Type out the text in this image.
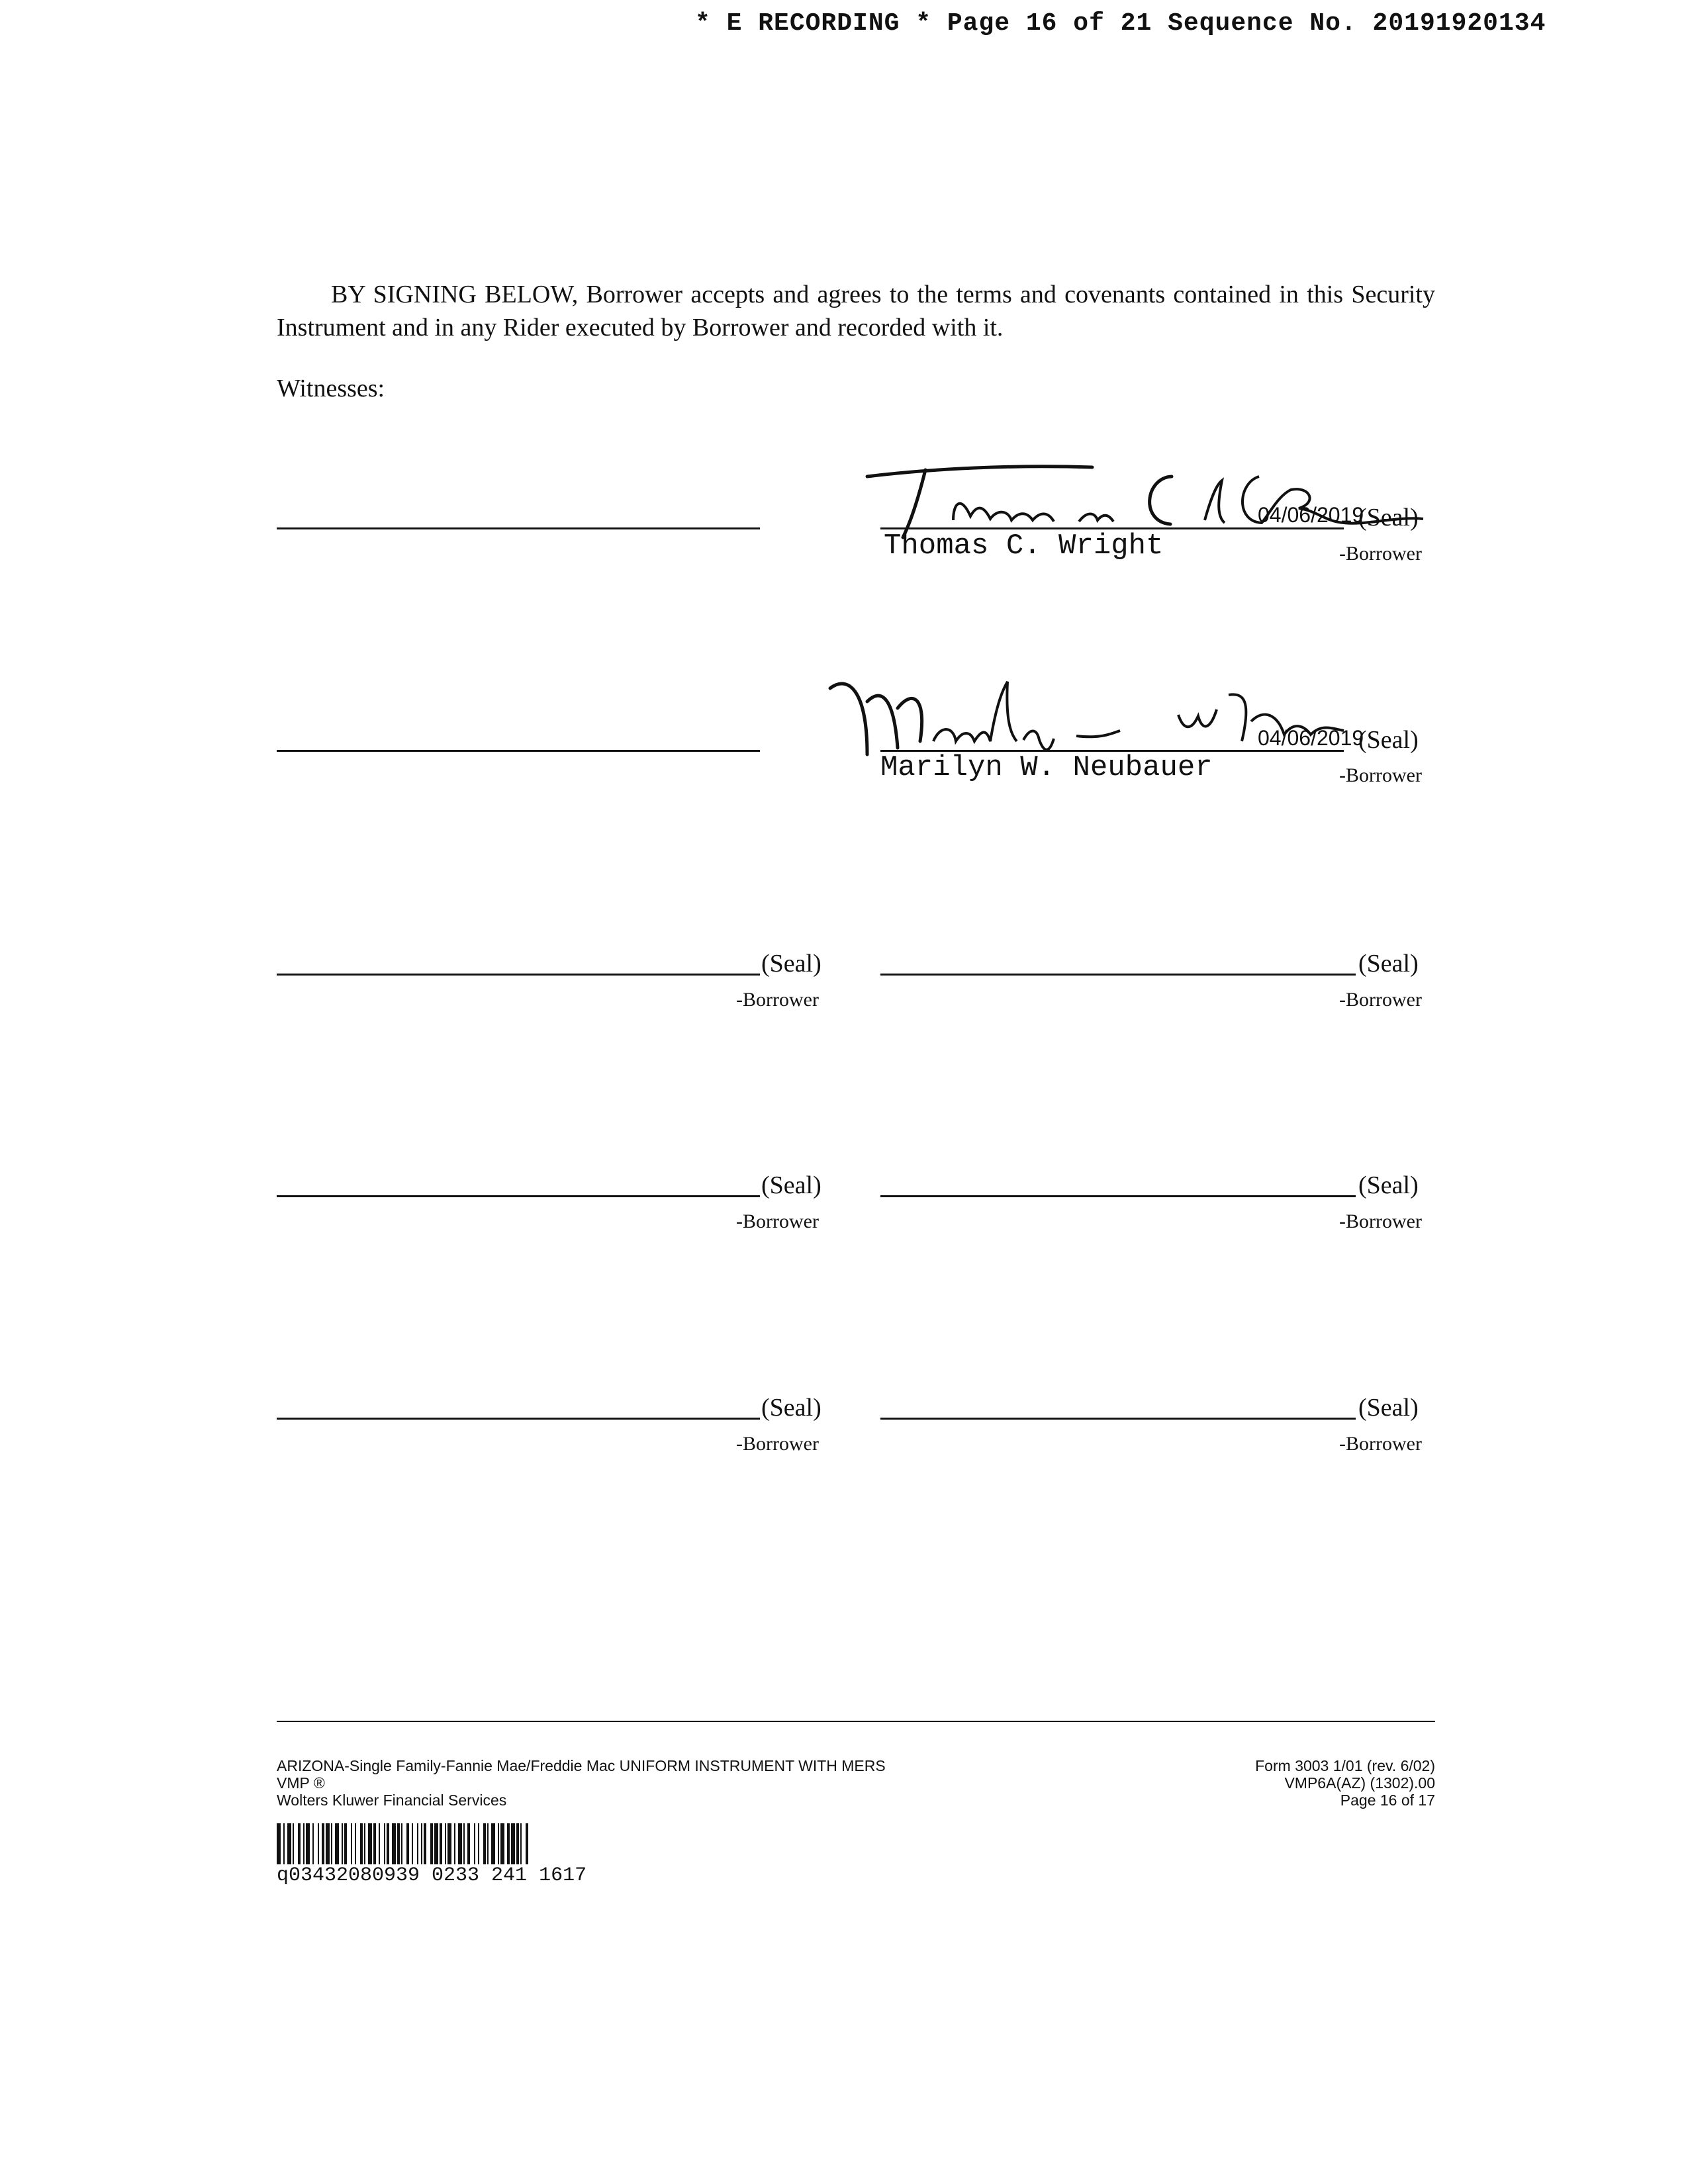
* E RECORDING * Page 16 of 21 Sequence No. 20191920134
BY SIGNING BELOW, Borrower accepts and agrees to the terms and covenants contained in this Security Instrument and in any Rider executed by Borrower and recorded with it.
Witnesses:
04/06/2019
(Seal)
Thomas C. Wright	-Borrower
04/06/2019
(Seal)
Marilyn W. Neubauer	-Borrower
(Seal)
-Borrower
(Seal)
-Borrower
(Seal)
-Borrower
(Seal)
-Borrower
(Seal)
-Borrower
(Seal)
-Borrower
ARIZONA-Single Family-Fannie Mae/Freddie Mac UNIFORM INSTRUMENT WITH MERS
VMP ®
Wolters Kluwer Financial Services
Form 3003 1/01 (rev. 6/02)
VMP6A(AZ) (1302).00
Page 16 of 17
q03432080939 0233 241 1617
